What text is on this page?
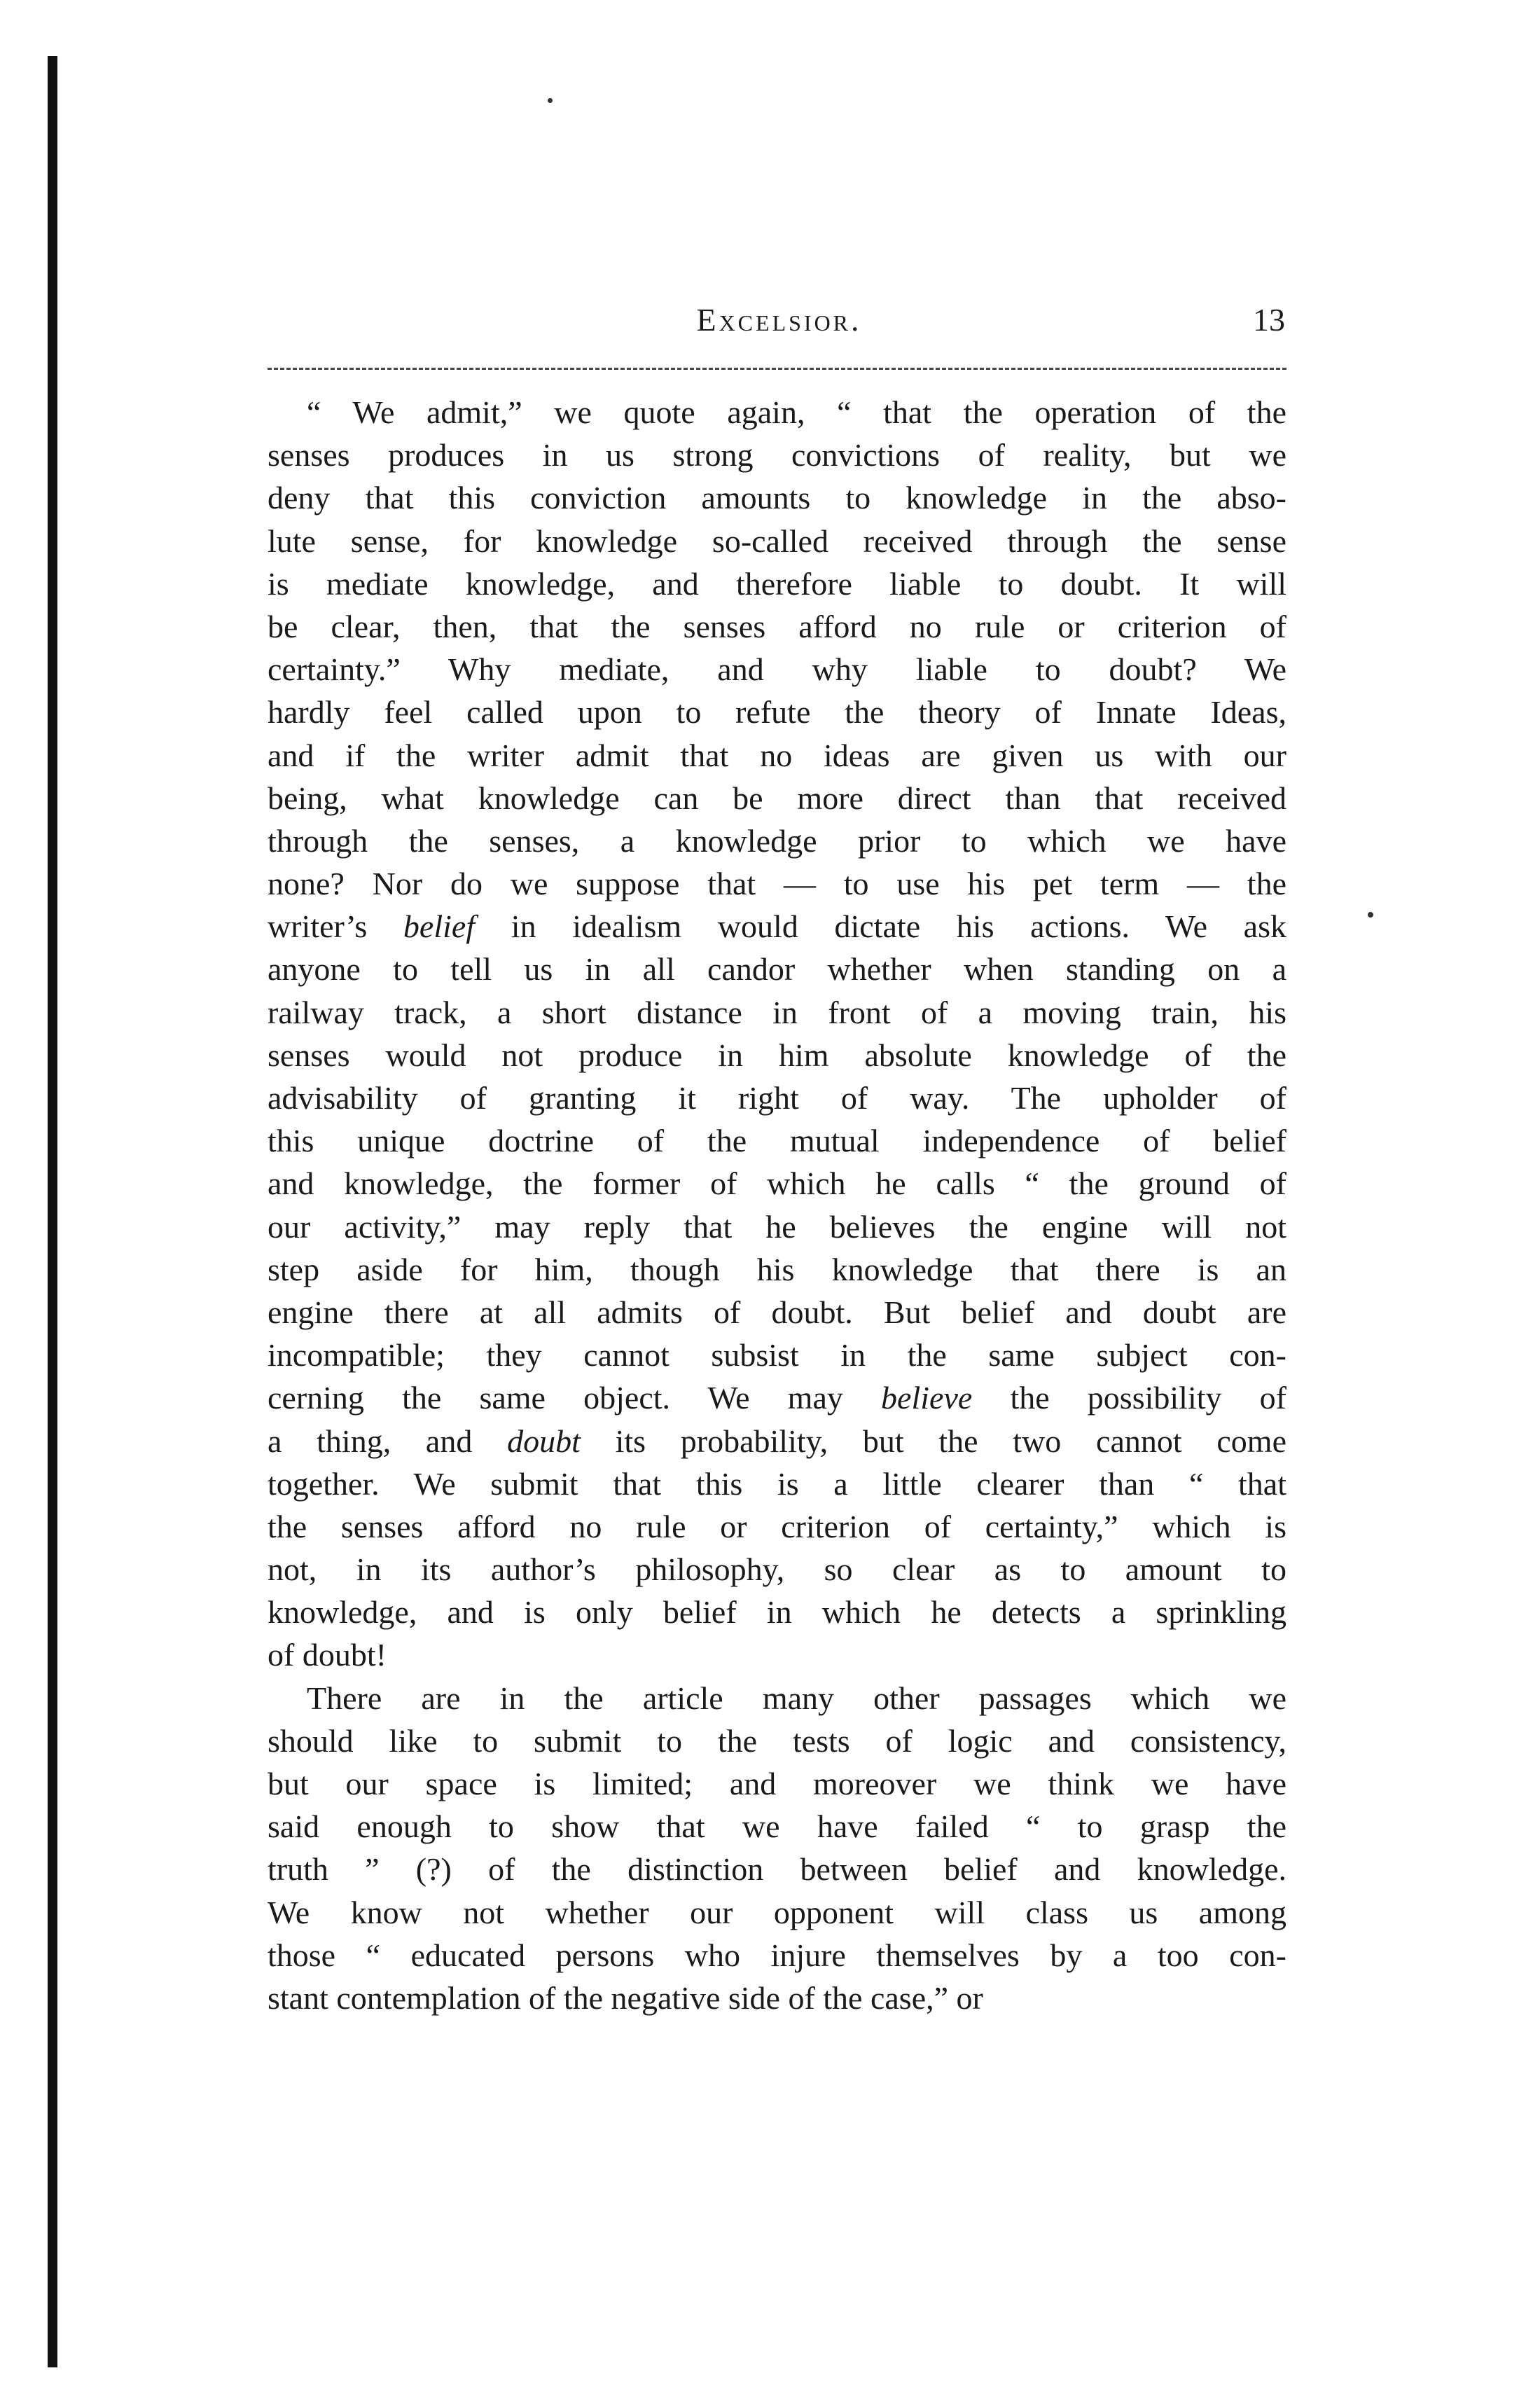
Excelsior.	13
“ We admit,” we quote again, “ that the operation of the
senses produces in us strong convictions of reality, but we
deny that this conviction amounts to knowledge in the abso-
lute sense, for knowledge so-called received through the sense
is mediate knowledge, and therefore liable to doubt. It will
be clear, then, that the senses afford no rule or criterion of
certainty.” Why mediate, and why liable to doubt? We
hardly feel called upon to refute the theory of Innate Ideas,
and if the writer admit that no ideas are given us with our
being, what knowledge can be more direct than that received
through the senses, a knowledge prior to which we have
none? Nor do we suppose that — to use his pet term — the
writer’s belief in idealism would dictate his actions. We ask
anyone to tell us in all candor whether when standing on a
railway track, a short distance in front of a moving train, his
senses would not produce in him absolute knowledge of the
advisability of granting it right of way. The upholder of
this unique doctrine of the mutual independence of belief
and knowledge, the former of which he calls “ the ground of
our activity,” may reply that he believes the engine will not
step aside for him, though his knowledge that there is an
engine there at all admits of doubt. But belief and doubt are
incompatible; they cannot subsist in the same subject con-
cerning the same object. We may believe the possibility of
a thing, and doubt its probability, but the two cannot come
together. We submit that this is a little clearer than “ that
the senses afford no rule or criterion of certainty,” which is
not, in its author’s philosophy, so clear as to amount to
knowledge, and is only belief in which he detects a sprinkling
of doubt!
There are in the article many other passages which we
should like to submit to the tests of logic and consistency,
but our space is limited; and moreover we think we have
said enough to show that we have failed “ to grasp the
truth ” (?) of the distinction between belief and knowledge.
We know not whether our opponent will class us among
those “ educated persons who injure themselves by a too con-
stant contemplation of the negative side of the case,” or
